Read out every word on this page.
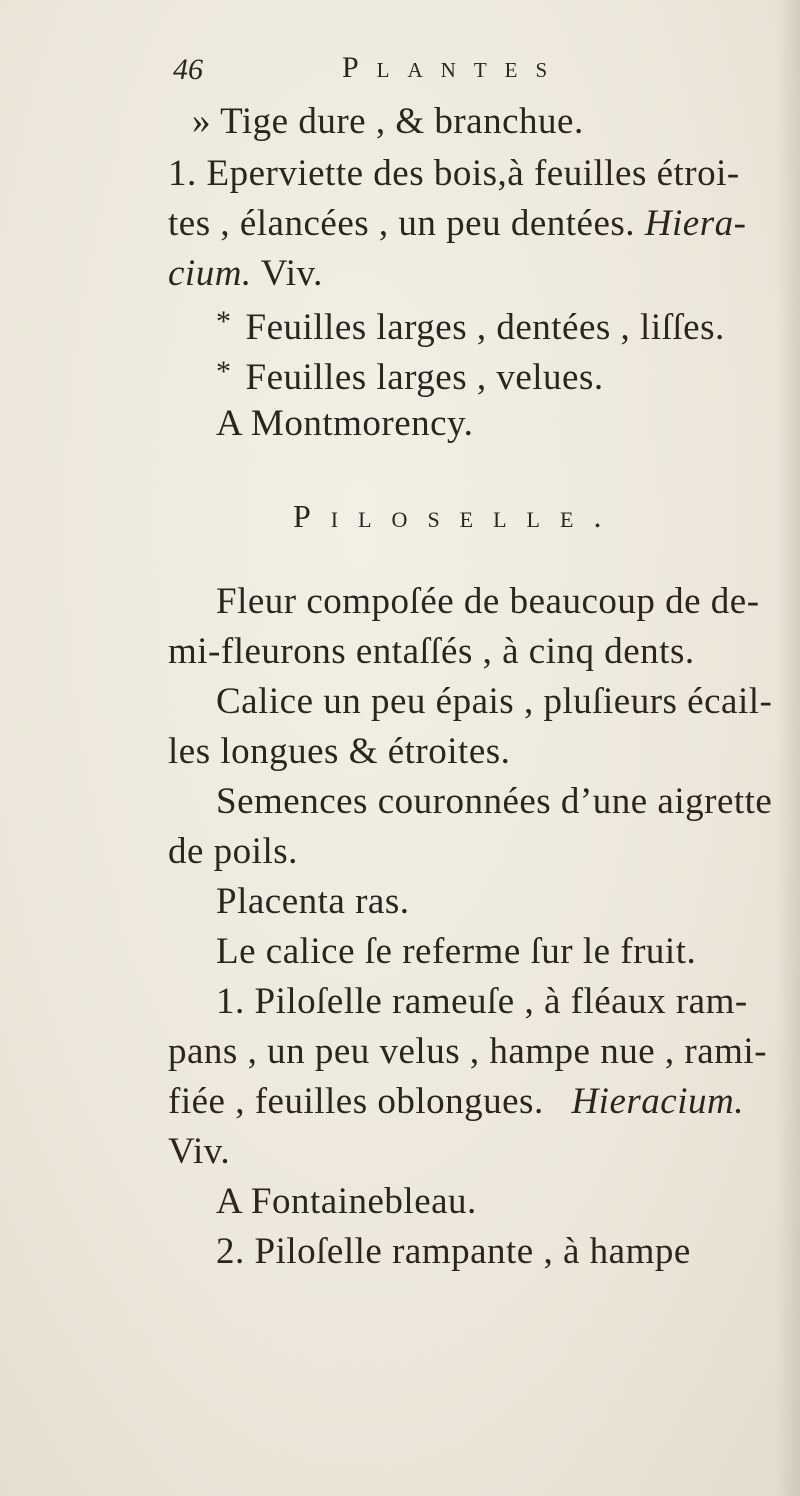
46	Plantes
» Tige dure , & branchue.
1. Eperviette des bois,à feuilles étroi-
tes , élancées , un peu dentées. Hiera-
cium. Viv.
* Feuilles larges , dentées , liſſes.
* Feuilles larges , velues.
A Montmorency.
Piloselle.
Fleur compoſée de beaucoup de de-
mi-fleurons entaſſés , à cinq dents.
Calice un peu épais , pluſieurs écail-
les longues & étroites.
Semences couronnées d’une aigrette
de poils.
Placenta ras.
Le calice ſe referme ſur le fruit.
1. Piloſelle rameuſe , à fléaux ram-
pans , un peu velus , hampe nue , rami-
fiée , feuilles oblongues. Hieracium.
Viv.
A Fontainebleau.
2. Piloſelle rampante , à hampe
